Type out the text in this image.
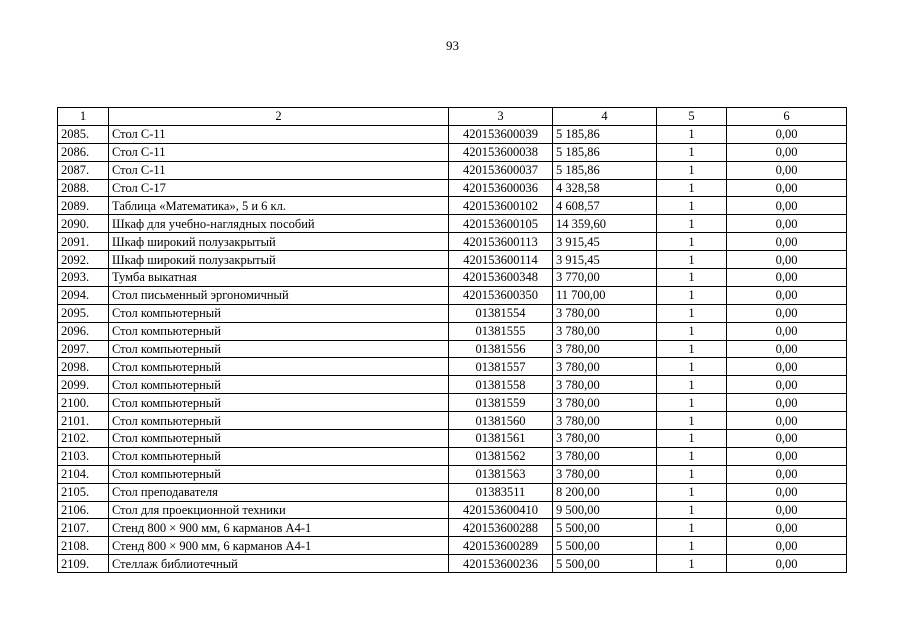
93
1	2	3	4	5	6
2085.	Стол С-11	420153600039	5 185,86	1	0,00
2086.	Стол С-11	420153600038	5 185,86	1	0,00
2087.	Стол С-11	420153600037	5 185,86	1	0,00
2088.	Стол С-17	420153600036	4 328,58	1	0,00
2089.	Таблица «Математика», 5 и 6 кл.	420153600102	4 608,57	1	0,00
2090.	Шкаф для учебно-наглядных пособий	420153600105	14 359,60	1	0,00
2091.	Шкаф широкий полузакрытый	420153600113	3 915,45	1	0,00
2092.	Шкаф широкий полузакрытый	420153600114	3 915,45	1	0,00
2093.	Тумба выкатная	420153600348	3 770,00	1	0,00
2094.	Стол письменный эргономичный	420153600350	11 700,00	1	0,00
2095.	Стол компьютерный	01381554	3 780,00	1	0,00
2096.	Стол компьютерный	01381555	3 780,00	1	0,00
2097.	Стол компьютерный	01381556	3 780,00	1	0,00
2098.	Стол компьютерный	01381557	3 780,00	1	0,00
2099.	Стол компьютерный	01381558	3 780,00	1	0,00
2100.	Стол компьютерный	01381559	3 780,00	1	0,00
2101.	Стол компьютерный	01381560	3 780,00	1	0,00
2102.	Стол компьютерный	01381561	3 780,00	1	0,00
2103.	Стол компьютерный	01381562	3 780,00	1	0,00
2104.	Стол компьютерный	01381563	3 780,00	1	0,00
2105.	Стол преподавателя	01383511	8 200,00	1	0,00
2106.	Стол для проекционной техники	420153600410	9 500,00	1	0,00
2107.	Стенд 800 × 900 мм, 6 карманов А4-1	420153600288	5 500,00	1	0,00
2108.	Стенд 800 × 900 мм, 6 карманов А4-1	420153600289	5 500,00	1	0,00
2109.	Стеллаж библиотечный	420153600236	5 500,00	1	0,00
